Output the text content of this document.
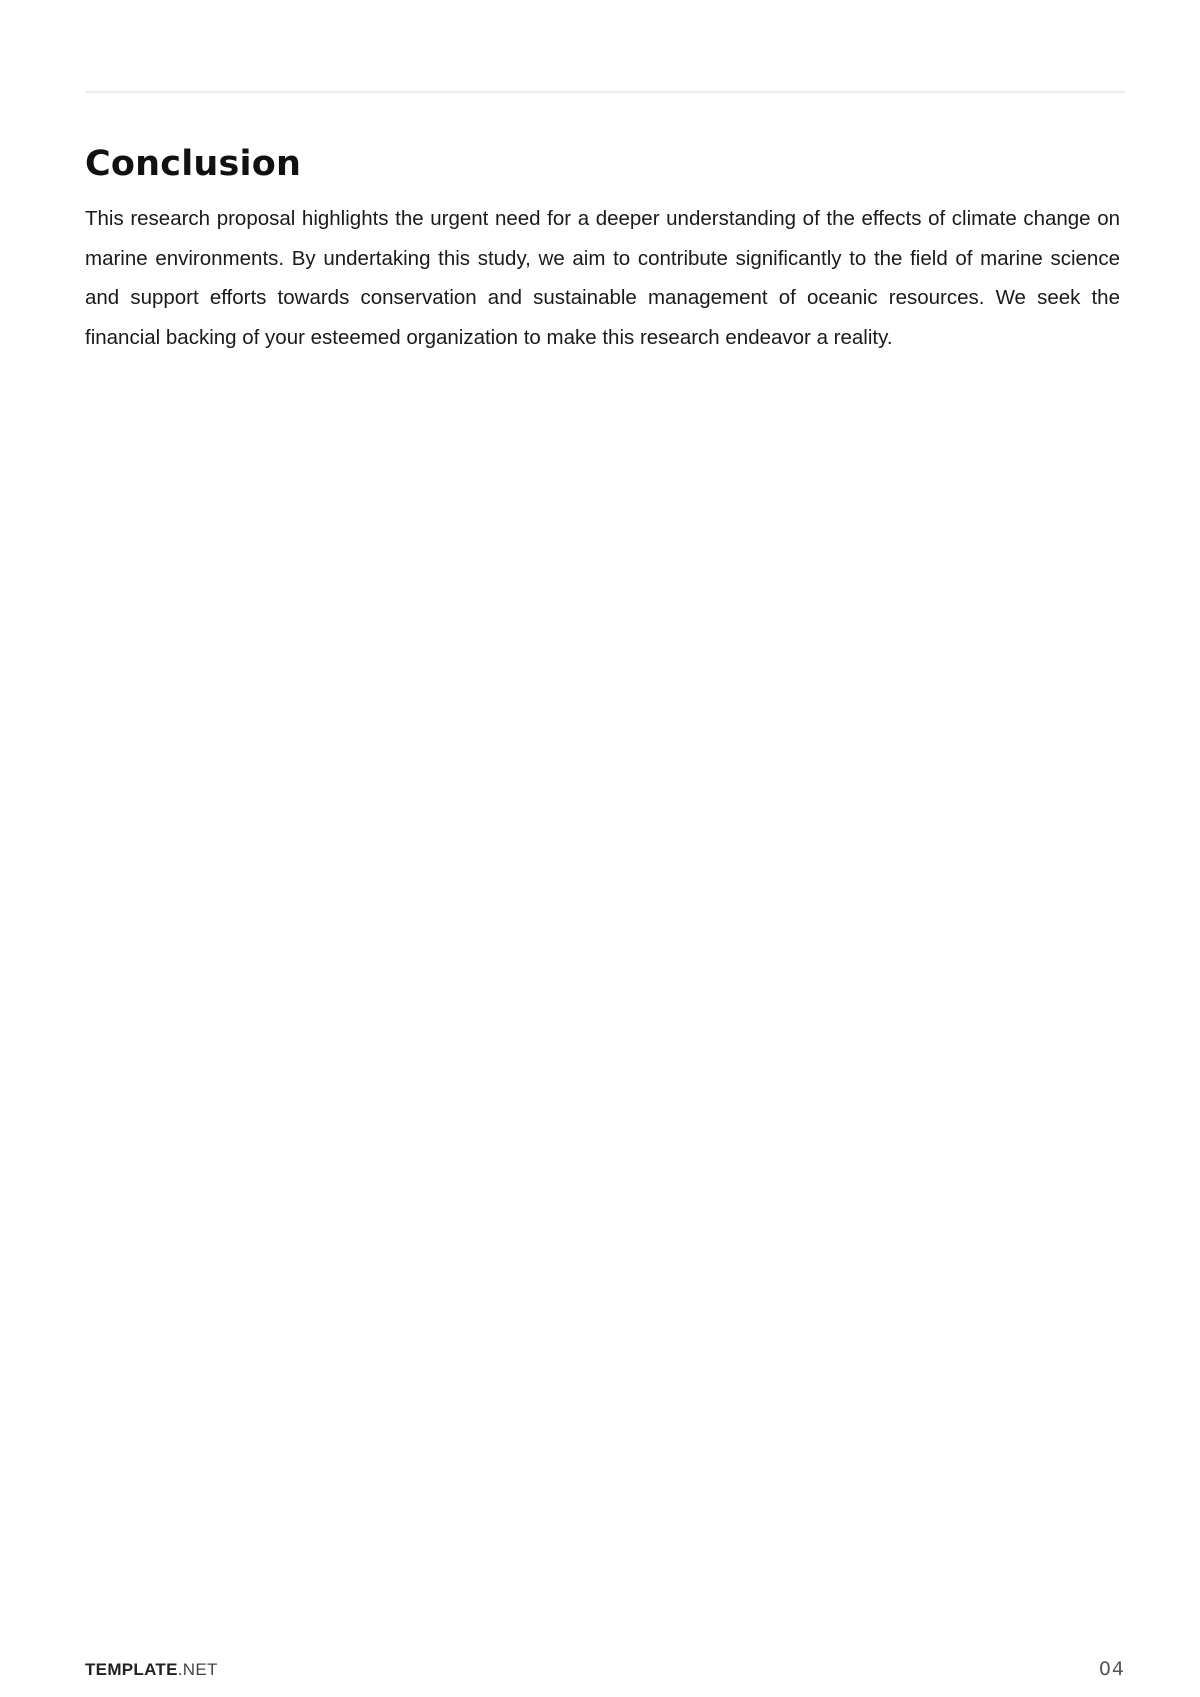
Conclusion

This research proposal highlights the urgent need for a deeper understanding of the effects of climate change on marine environments. By undertaking this study, we aim to contribute significantly to the field of marine science and support efforts towards conservation and sustainable management of oceanic resources. We seek the financial backing of your esteemed organization to make this research endeavor a reality.

TEMPLATE.NET	04
